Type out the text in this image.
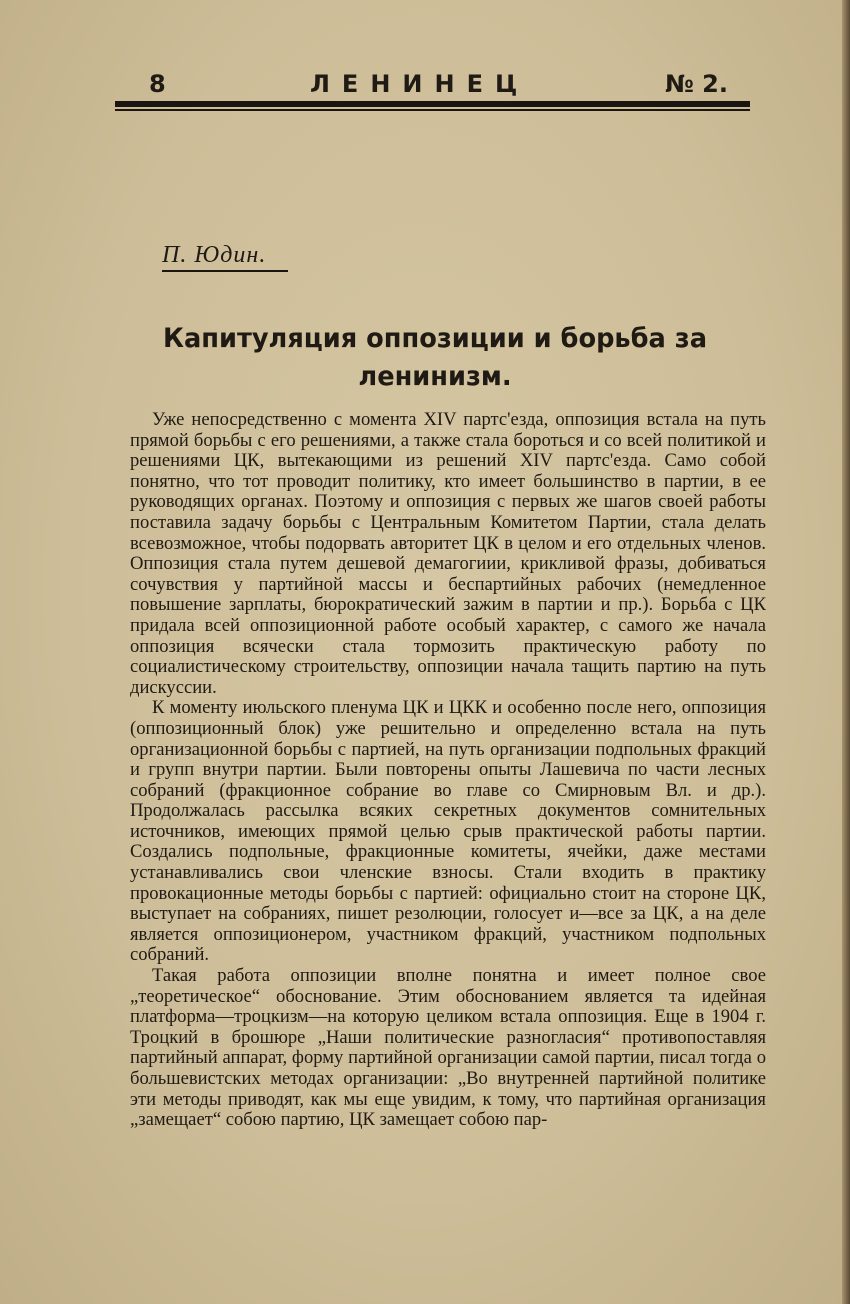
8	ЛЕНИНЕЦ	№ 2.
П. Юдин.
Капитуляция оппозиции и борьба за ленинизм.

Уже непосредственно с момента XIV партс'езда, оппозиция встала на путь прямой борьбы с его решениями, а также стала бороться и со всей политикой и решениями ЦК, вытекающими из решений XIV партс'езда. Само собой понятно, что тот проводит политику, кто имеет большинство в партии, в ее руководящих органах. Поэтому и оппозиция с первых же шагов своей работы поставила задачу борьбы с Центральным Комитетом Партии, стала делать всевозможное, чтобы подорвать авторитет ЦК в целом и его отдельных членов. Оппозиция стала путем дешевой демагогиии, крикливой фразы, добиваться сочувствия у партийной массы и беспартийных рабочих (немедленное повышение зарплаты, бюрократический зажим в партии и пр.). Борьба с ЦК придала всей оппозиционной работе особый характер, с самого же начала оппозиция всячески стала тормозить практическую работу по социалистическому строительству, оппозиции начала тащить партию на путь дискуссии.

К моменту июльского пленума ЦК и ЦКК и особенно после него, оппозиция (оппозиционный блок) уже решительно и определенно встала на путь организационной борьбы с партией, на путь организации подпольных фракций и групп внутри партии. Были повторены опыты Лашевича по части лесных собраний (фракционное собрание во главе со Смирновым Вл. и др.). Продолжалась рассылка всяких секретных документов сомнительных источников, имеющих прямой целью срыв практической работы партии. Создались подпольные, фракционные комитеты, ячейки, даже местами устанавливались свои членские взносы. Стали входить в практику провокационные методы борьбы с партией: официально стоит на стороне ЦК, выступает на собраниях, пишет резолюции, голосует и—все за ЦК, а на деле является оппозиционером, участником фракций, участником подпольных собраний.

Такая работа оппозиции вполне понятна и имеет полное свое „теоретическое“ обоснование. Этим обоснованием является та идейная платформа—троцкизм—на которую целиком встала оппозиция. Еще в 1904 г. Троцкий в брошюре „Наши политические разногласия“ противопоставляя партийный аппарат, форму партийной организации самой партии, писал тогда о большевистских методах организации: „Во внутренней партийной политике эти методы приводят, как мы еще увидим, к тому, что партийная организация „замещает“ собою партию, ЦК замещает собою пар-
